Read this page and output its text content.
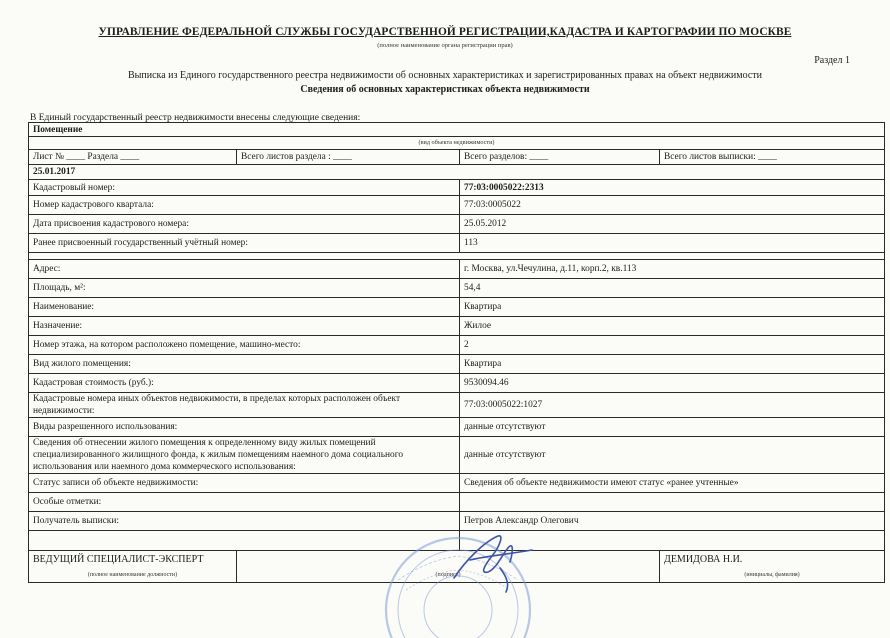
УПРАВЛЕНИЕ ФЕДЕРАЛЬНОЙ СЛУЖБЫ ГОСУДАРСТВЕННОЙ РЕГИСТРАЦИИ,КАДАСТРА И КАРТОГРАФИИ ПО МОСКВЕ
(полное наименование органа регистрации прав)
Раздел 1
Выписка из Единого государственного реестра недвижимости об основных характеристиках и зарегистрированных правах на объект недвижимости
Сведения об основных характеристиках объекта недвижимости
В Единый государственный реестр недвижимости внесены следующие сведения:
Помещение			
(вид объекта недвижимости)			
Лист № ____ Раздела ____	Всего листов раздела : ____	Всего разделов: ____	Всего листов выписки: ____
25.01.2017			
Кадастровый номер:		77:03:0005022:2313	
Номер кадастрового квартала:		77:03:0005022	
Дата присвоения кадастрового номера:		25.05.2012	
Ранее присвоенный государственный учётный номер:		113	

Адрес:		г. Москва, ул.Чечулина, д.11, корп.2, кв.113	
Площадь, м²:		54,4	
Наименование:		Квартира	
Назначение:		Жилое	
Номер этажа, на котором расположено помещение, машино-место:		2	
Вид жилого помещения:		Квартира	
Кадастровая стоимость (руб.):		9530094.46	
Кадастровые номера иных объектов недвижимости, в пределах которых расположен объект недвижимости:		77:03:0005022:1027	
Виды разрешенного использования:		данные отсутствуют	
Сведения об отнесении жилого помещения к определенному виду жилых помещений специализированного жилищного фонда, к жилым помещениям наемного дома социального использования или наемного дома коммерческого использования:		данные отсутствуют	
Статус записи об объекте недвижимости:		Сведения об объекте недвижимости имеют статус «ранее учтенные»	
Особые отметки:			
Получатель выписки:		Петров Александр Олегович	

ВЕДУЩИЙ СПЕЦИАЛИСТ-ЭКСПЕРТ			ДЕМИДОВА Н.И.
(полное наименование должности)	(подпись)		(инициалы, фамилия)
